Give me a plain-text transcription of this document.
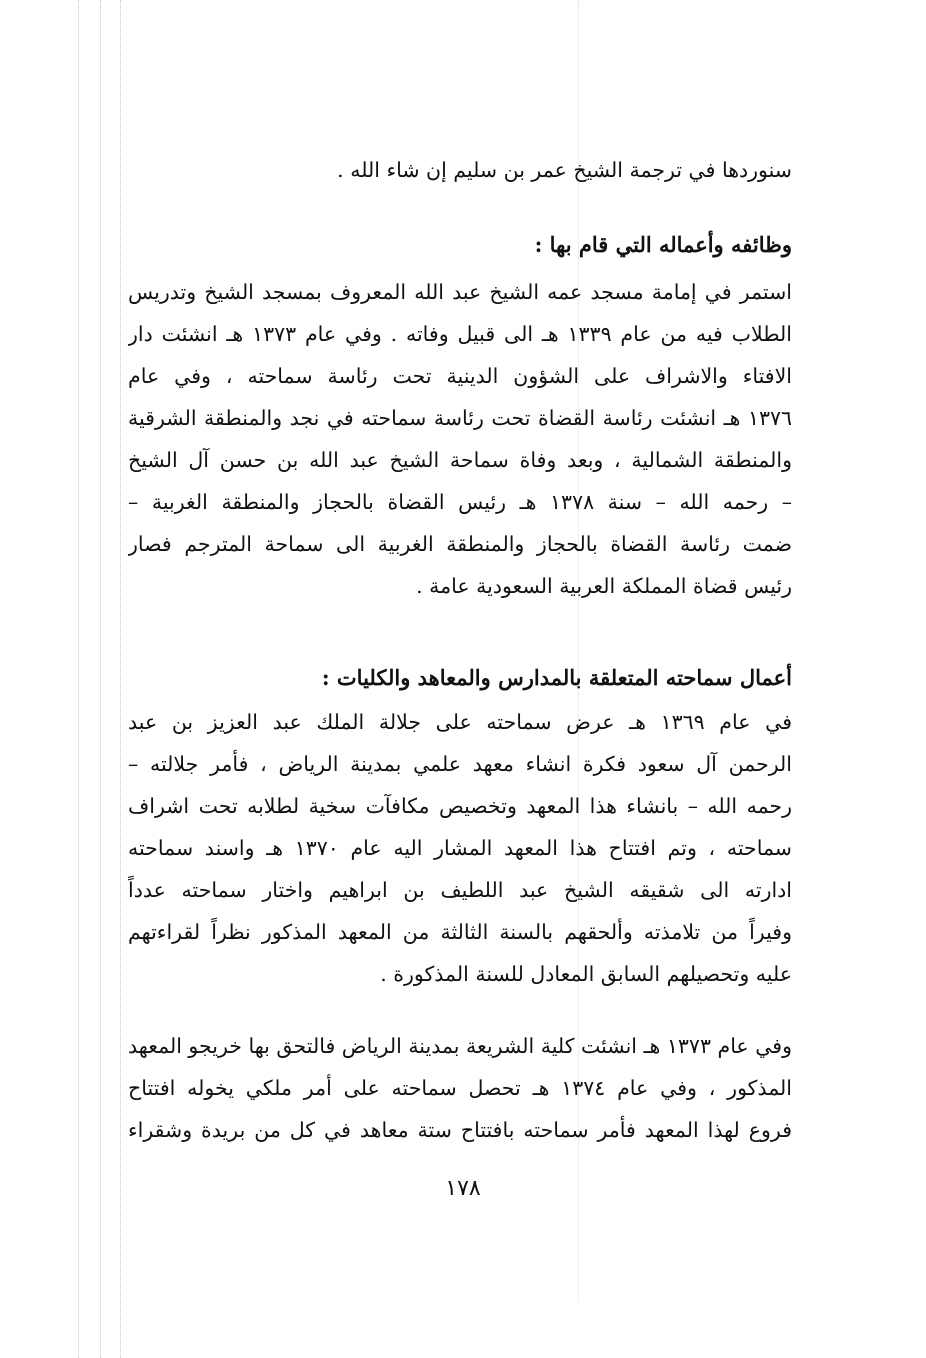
سنوردها في ترجمة الشيخ عمر بن سليم إن شاء الله .
وظائفه وأعماله التي قام بها :
استمر في إمامة مسجد عمه الشيخ عبد الله المعروف بمسجد الشيخ وتدريس
الطلاب فيه من عام ١٣٣٩ هـ الى قبيل وفاته . وفي عام ١٣٧٣ هـ انشئت دار
الافتاء والاشراف على الشؤون الدينية تحت رئاسة سماحته ، وفي عام
١٣٧٦ هـ انشئت رئاسة القضاة تحت رئاسة سماحته في نجد والمنطقة الشرقية
والمنطقة الشمالية ، وبعد وفاة سماحة الشيخ عبد الله بن حسن آل الشيخ
– رحمه الله – سنة ١٣٧٨ هـ رئيس القضاة بالحجاز والمنطقة الغربية –
ضمت رئاسة القضاة بالحجاز والمنطقة الغربية الى سماحة المترجم فصار
رئيس قضاة المملكة العربية السعودية عامة .
أعمال سماحته المتعلقة بالمدارس والمعاهد والكليات :
في عام ١٣٦٩ هـ عرض سماحته على جلالة الملك عبد العزيز بن عبد
الرحمن آل سعود فكرة انشاء معهد علمي بمدينة الرياض ، فأمر جلالته –
رحمه الله – بانشاء هذا المعهد وتخصيص مكافآت سخية لطلابه تحت اشراف
سماحته ، وتم افتتاح هذا المعهد المشار اليه عام ١٣٧٠ هـ واسند سماحته
ادارته الى شقيقه الشيخ عبد اللطيف بن ابراهيم واختار سماحته عدداً
وفيراً من تلامذته وألحقهم بالسنة الثالثة من المعهد المذكور نظراً لقراءتهم
عليه وتحصيلهم السابق المعادل للسنة المذكورة .
وفي عام ١٣٧٣ هـ انشئت كلية الشريعة بمدينة الرياض فالتحق بها خريجو المعهد
المذكور ، وفي عام ١٣٧٤ هـ تحصل سماحته على أمر ملكي يخوله افتتاح
فروع لهذا المعهد فأمر سماحته بافتتاح ستة معاهد في كل من بريدة وشقراء
١٧٨
